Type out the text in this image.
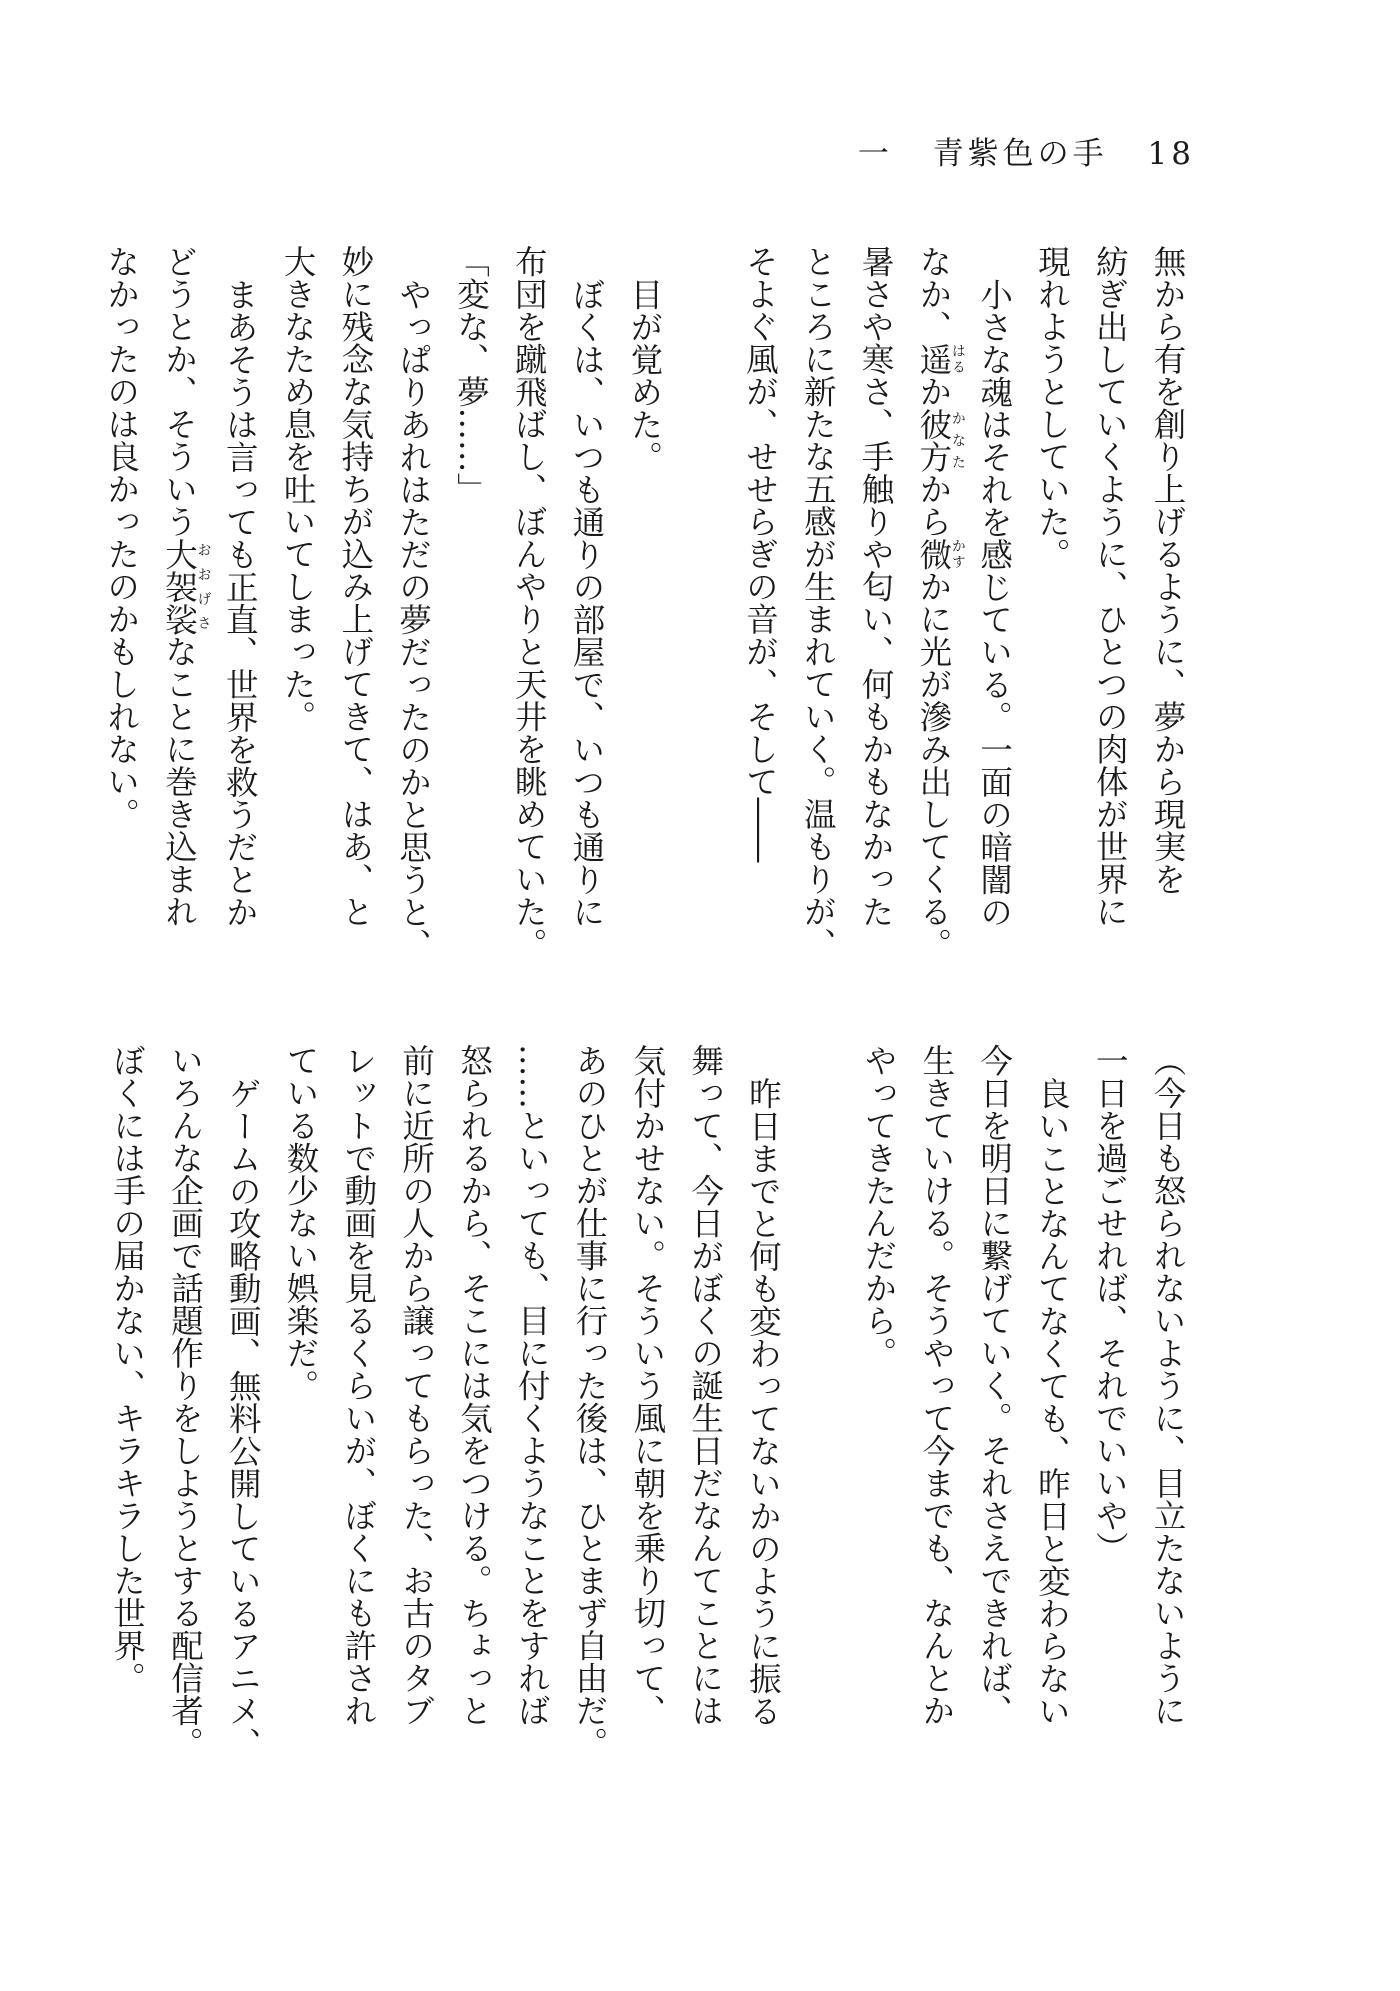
一 青紫色の手 18
無から有を創り上げるように、夢から現実を
紡ぎ出していくように、ひとつの肉体が世界に
現れようとしていた。
小さな魂はそれを感じている。一面の暗闇の
なか、遥はるか彼方かなたから微かすかに光が滲み出してくる。
暑さや寒さ、手触りや匂い、何もかもなかった
ところに新たな五感が生まれていく。温もりが、
そよぐ風が、せせらぎの音が、そして――
目が覚めた。
ぼくは、いつも通りの部屋で、いつも通りに
布団を蹴飛ばし、ぼんやりと天井を眺めていた。
「変な、夢……」
やっぱりあれはただの夢だったのかと思うと、
妙に残念な気持ちが込み上げてきて、はあ、と
大きなため息を吐いてしまった。
まあそうは言っても正直、世界を救うだとか
どうとか、そういう大袈裟おおげさなことに巻き込まれ
なかったのは良かったのかもしれない。
（今日も怒られないように、目立たないように
一日を過ごせれば、それでいいや）
良いことなんてなくても、昨日と変わらない
今日を明日に繋げていく。それさえできれば、
生きていける。そうやって今までも、なんとか
やってきたんだから。
昨日までと何も変わってないかのように振る
舞って、今日がぼくの誕生日だなんてことには
気付かせない。そういう風に朝を乗り切って、
あのひとが仕事に行った後は、ひとまず自由だ。
……といっても、目に付くようなことをすれば
怒られるから、そこには気をつける。ちょっと
前に近所の人から譲ってもらった、お古のタブ
レットで動画を見るくらいが、ぼくにも許され
ている数少ない娯楽だ。
ゲームの攻略動画、無料公開しているアニメ、
いろんな企画で話題作りをしようとする配信者。
ぼくには手の届かない、キラキラした世界。
